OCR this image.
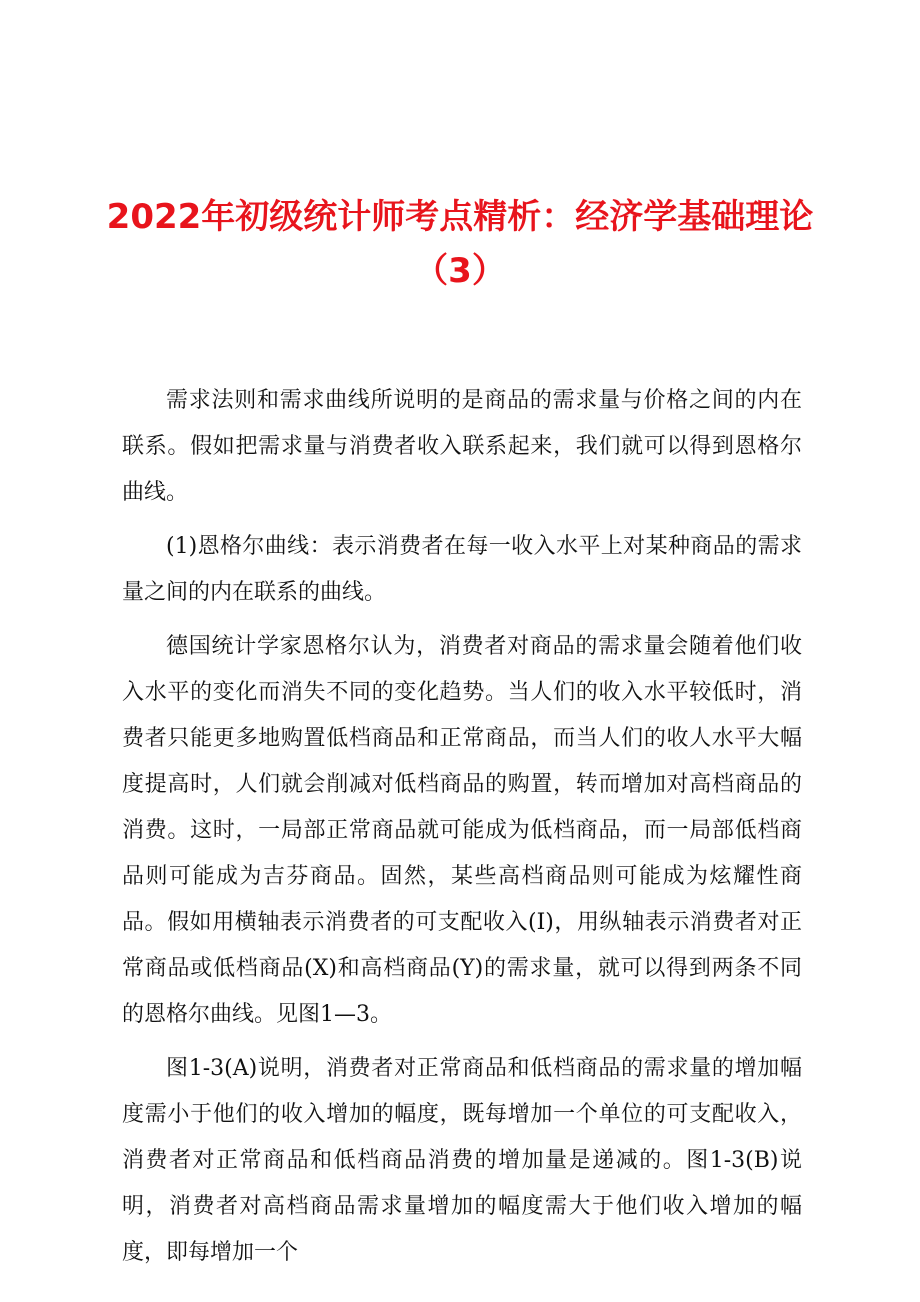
2022年初级统计师考点精析：经济学基础理论（3）

需求法则和需求曲线所说明的是商品的需求量与价格之间的内在联系。假如把需求量与消费者收入联系起来，我们就可以得到恩格尔曲线。

(1)恩格尔曲线：表示消费者在每一收入水平上对某种商品的需求量之间的内在联系的曲线。

德国统计学家恩格尔认为，消费者对商品的需求量会随着他们收入水平的变化而消失不同的变化趋势。当人们的收入水平较低时，消费者只能更多地购置低档商品和正常商品，而当人们的收人水平大幅度提高时，人们就会削减对低档商品的购置，转而增加对高档商品的消费。这时，一局部正常商品就可能成为低档商品，而一局部低档商品则可能成为吉芬商品。固然，某些高档商品则可能成为炫耀性商品。假如用横轴表示消费者的可支配收入(I)，用纵轴表示消费者对正常商品或低档商品(X)和高档商品(Y)的需求量，就可以得到两条不同的恩格尔曲线。见图1—3。

图1-3(A)说明，消费者对正常商品和低档商品的需求量的增加幅度需小于他们的收入增加的幅度，既每增加一个单位的可支配收入，消费者对正常商品和低档商品消费的增加量是递减的。图1-3(B)说明，消费者对高档商品需求量增加的幅度需大于他们收入增加的幅度，即每增加一个
